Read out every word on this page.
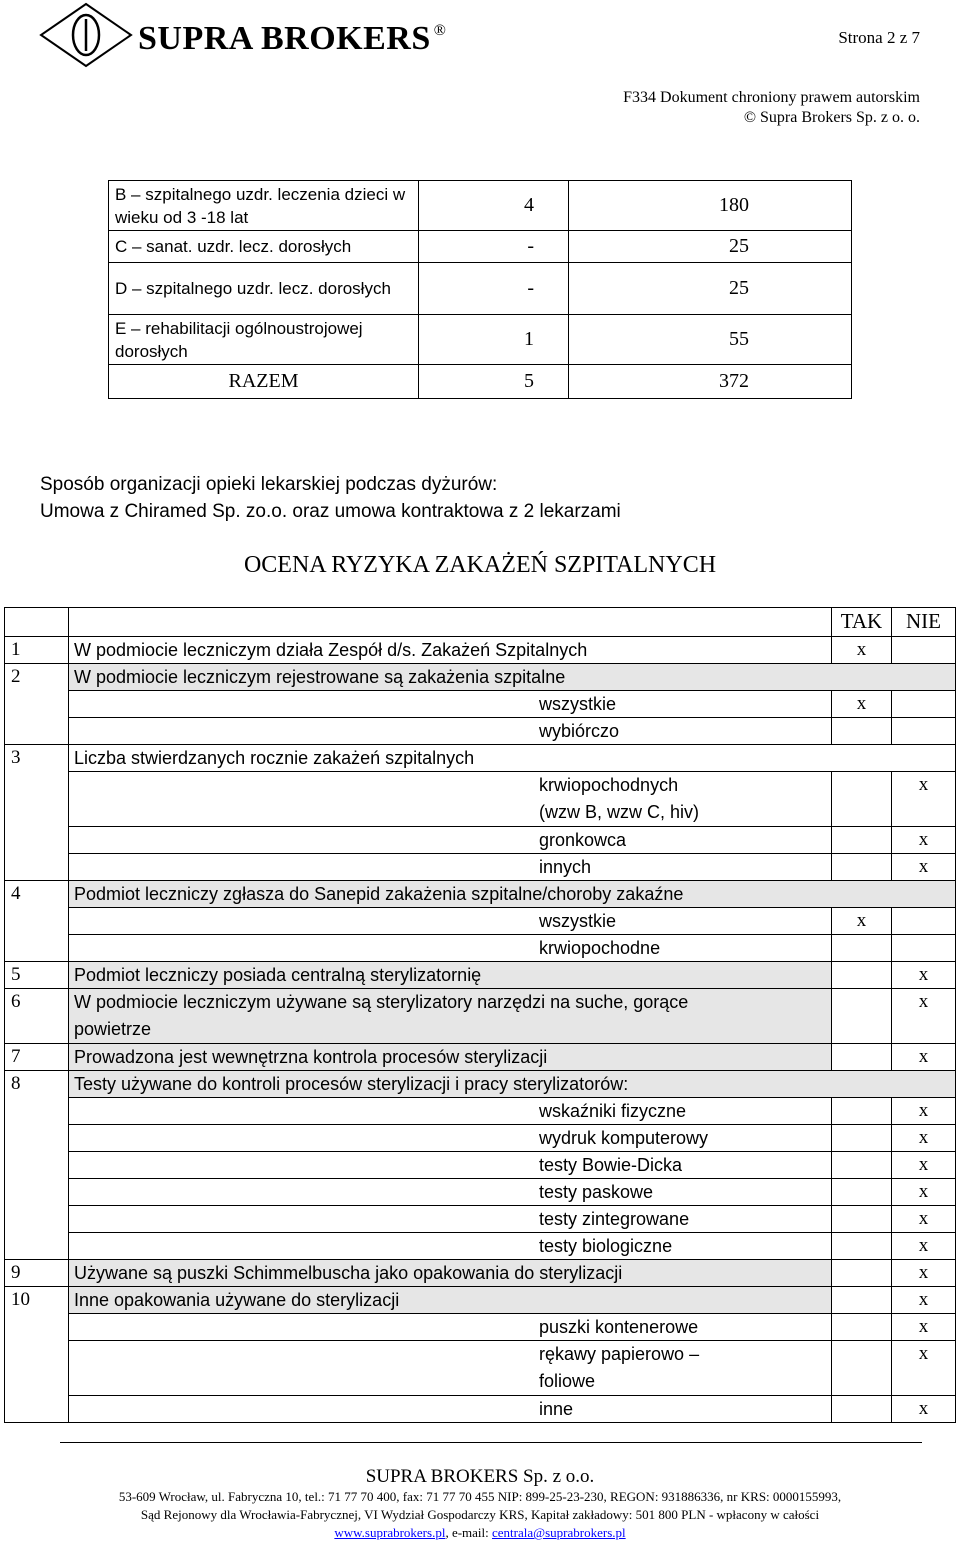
SUPRA BROKERS ®	Strona 2 z 7
F334 Dokument chroniony prawem autorskim
© Supra Brokers Sp. z o. o.
B – szpitalnego uzdr. leczenia dzieci w wieku od 3 -18 lat	4	180
C – sanat. uzdr. lecz. dorosłych	-	25
D – szpitalnego uzdr. lecz. dorosłych	-	25
E – rehabilitacji ogólnoustrojowej dorosłych	1	55
RAZEM	5	372
Sposób organizacji opieki lekarskiej podczas dyżurów:
Umowa z Chiramed Sp. zo.o. oraz umowa kontraktowa z 2 lekarzami
OCENA RYZYKA ZAKAŻEŃ SZPITALNYCH
		TAK	NIE
1	W podmiocie leczniczym działa Zespół d/s. Zakażeń Szpitalnych	x	
2	W podmiocie leczniczym rejestrowane są zakażenia szpitalne		
	wszystkie	x	
	wybiórczo		
3	Liczba stwierdzanych rocznie zakażeń szpitalnych		

	krwiopochodnych
(wzw B, wzw C, hiv)		x
	gronkowca		x
	innych		x
4	Podmiot leczniczy zgłasza do Sanepid zakażenia szpitalne/choroby zakaźne		
	wszystkie	x	
	krwiopochodne		
5	Podmiot leczniczy posiada centralną sterylizatornię		x
6	W podmiocie leczniczym używane są sterylizatory narzędzi na suche, gorące
powietrze		x
7	Prowadzona jest wewnętrzna kontrola procesów sterylizacji		x
8	Testy używane do kontroli procesów sterylizacji i pracy sterylizatorów:		
	wskaźniki fizyczne		x
	wydruk komputerowy		x
	testy Bowie-Dicka		x
	testy paskowe		x
	testy zintegrowane		x
	testy biologiczne		x
9	Używane są puszki Schimmelbuscha jako opakowania do sterylizacji		x
10	Inne opakowania używane do sterylizacji		x
	puszki kontenerowe		x

	rękawy papierowo –
foliowe		x
	inne		x
SUPRA BROKERS Sp. z o.o.
53-609 Wrocław, ul. Fabryczna 10, tel.: 71 77 70 400, fax: 71 77 70 455 NIP: 899-25-23-230, REGON: 931886336, nr KRS: 0000155993,
Sąd Rejonowy dla Wrocławia-Fabrycznej, VI Wydział Gospodarczy KRS, Kapitał zakładowy: 501 800 PLN - wpłacony w całości
www.suprabrokers.pl, e-mail: centrala@suprabrokers.pl
